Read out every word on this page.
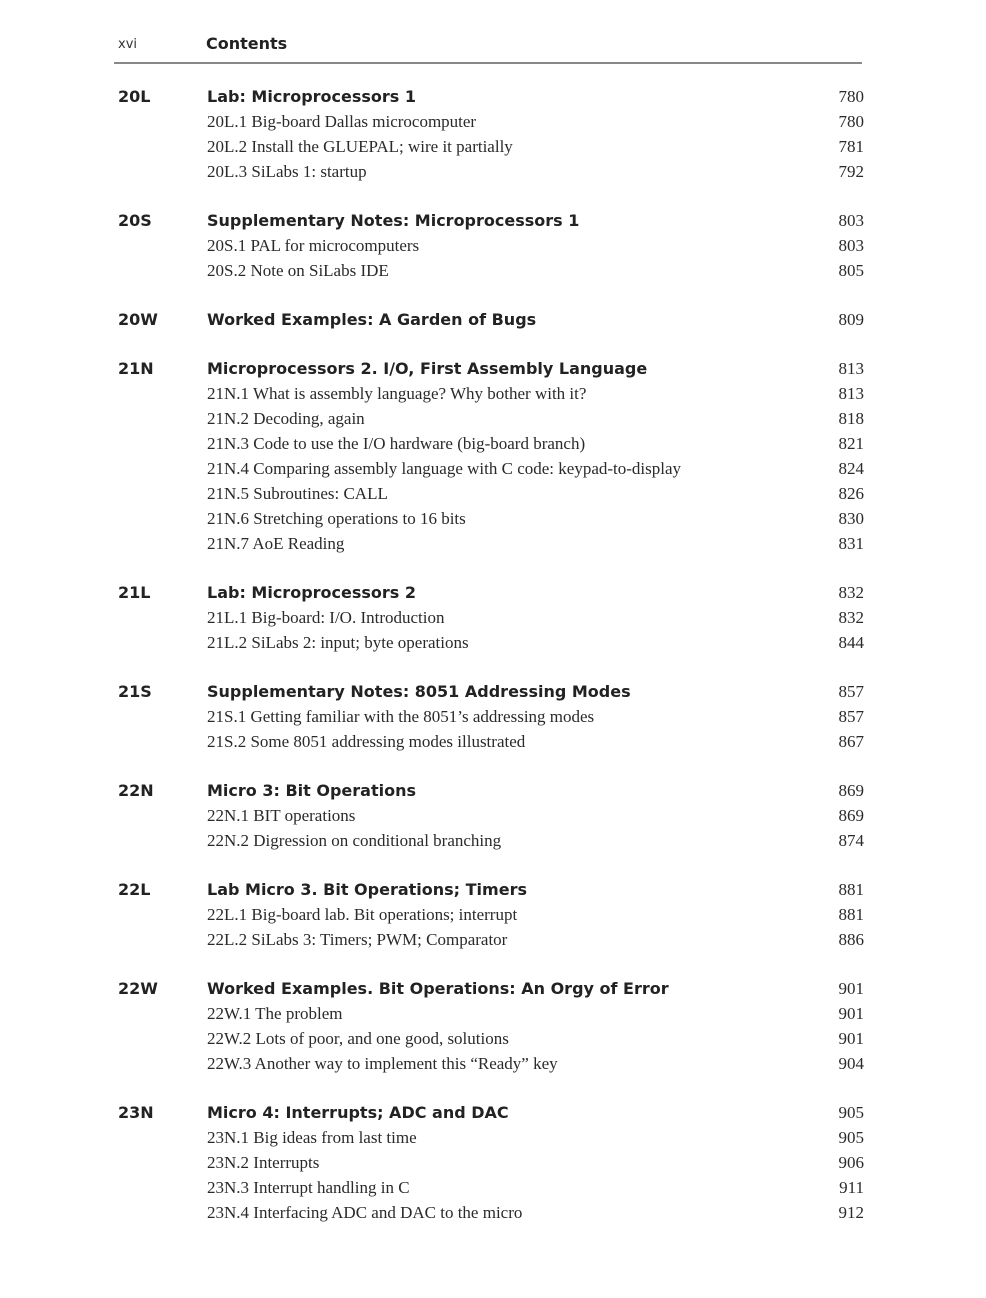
xvi	Contents
20L	Lab: Microprocessors 1	780
20L.1 Big-board Dallas microcomputer	780
20L.2 Install the GLUEPAL; wire it partially	781
20L.3 SiLabs 1: startup	792
20S	Supplementary Notes: Microprocessors 1	803
20S.1 PAL for microcomputers	803
20S.2 Note on SiLabs IDE	805
20W	Worked Examples: A Garden of Bugs	809
21N	Microprocessors 2. I/O, First Assembly Language	813
21N.1 What is assembly language? Why bother with it?	813
21N.2 Decoding, again	818
21N.3 Code to use the I/O hardware (big-board branch)	821
21N.4 Comparing assembly language with C code: keypad-to-display	824
21N.5 Subroutines: CALL	826
21N.6 Stretching operations to 16 bits	830
21N.7 AoE Reading	831
21L	Lab: Microprocessors 2	832
21L.1 Big-board: I/O. Introduction	832
21L.2 SiLabs 2: input; byte operations	844
21S	Supplementary Notes: 8051 Addressing Modes	857
21S.1 Getting familiar with the 8051’s addressing modes	857
21S.2 Some 8051 addressing modes illustrated	867
22N	Micro 3: Bit Operations	869
22N.1 BIT operations	869
22N.2 Digression on conditional branching	874
22L	Lab Micro 3. Bit Operations; Timers	881
22L.1 Big-board lab. Bit operations; interrupt	881
22L.2 SiLabs 3: Timers; PWM; Comparator	886
22W	Worked Examples. Bit Operations: An Orgy of Error	901
22W.1 The problem	901
22W.2 Lots of poor, and one good, solutions	901
22W.3 Another way to implement this “Ready” key	904
23N	Micro 4: Interrupts; ADC and DAC	905
23N.1 Big ideas from last time	905
23N.2 Interrupts	906
23N.3 Interrupt handling in C	911
23N.4 Interfacing ADC and DAC to the micro	912
